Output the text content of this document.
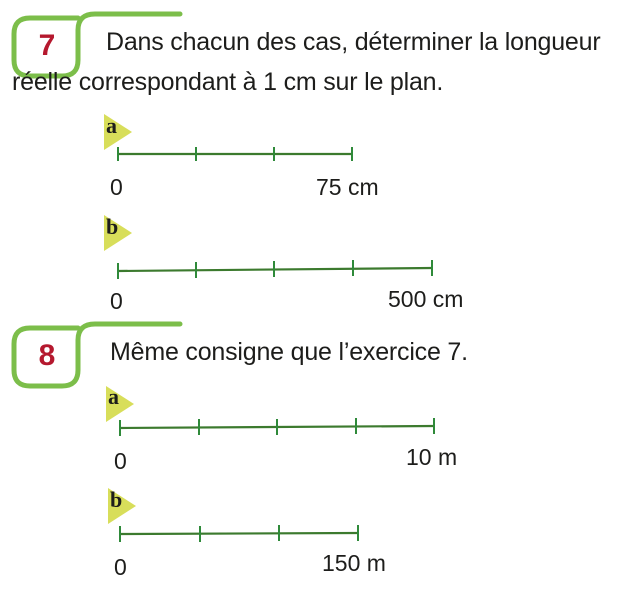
7	Dans chacun des cas, déterminer la longueur
réelle correspondant à 1 cm sur le plan.
a
0	75 cm
b
0	500 cm
8	Même consigne que l’exercice 7.
a
0	10 m
b
0	150 m
